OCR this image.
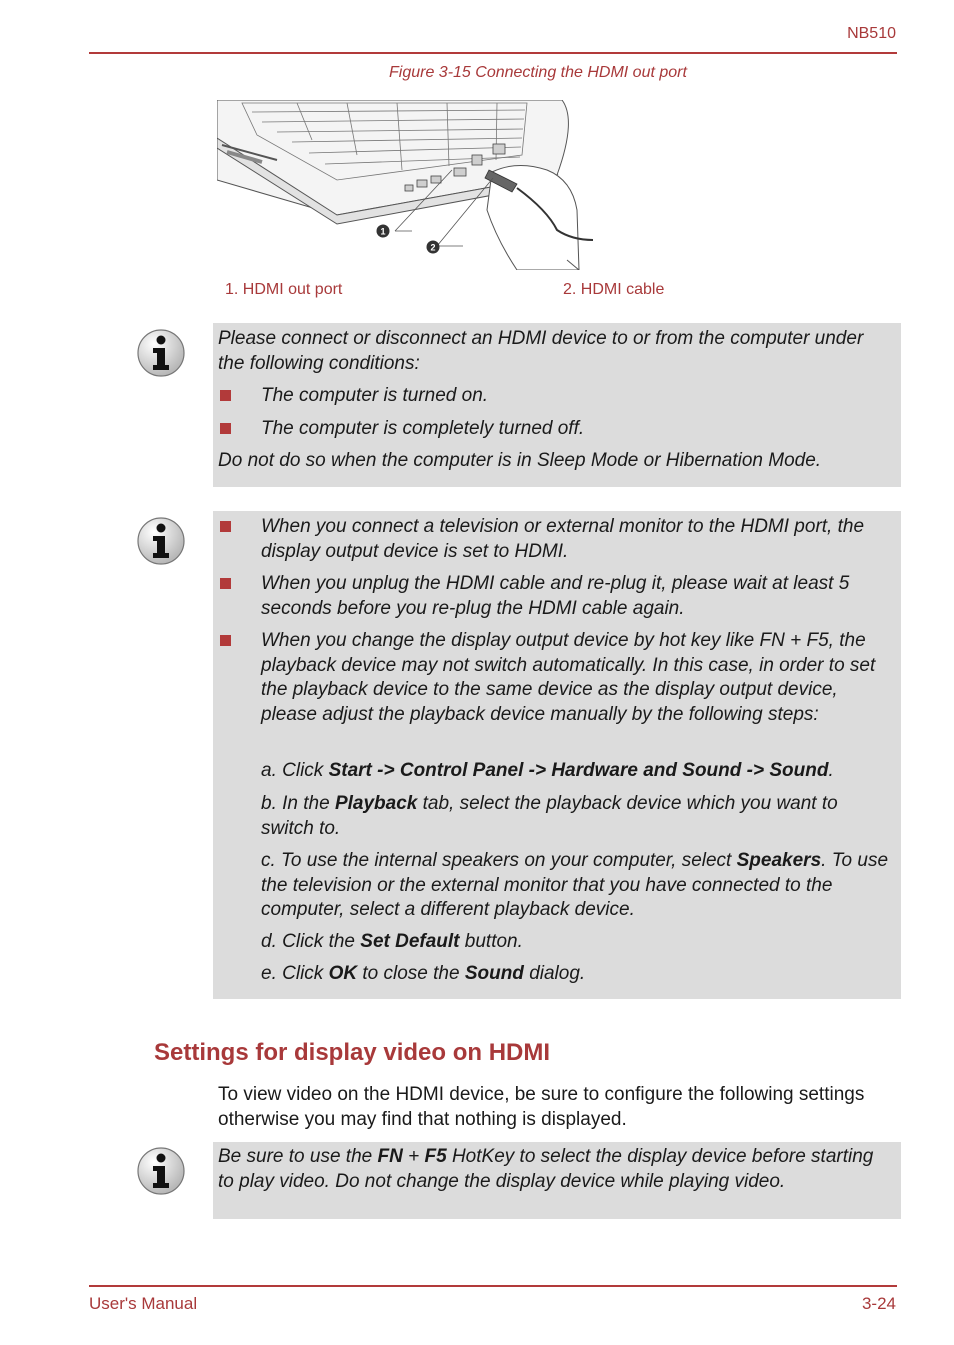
NB510
Figure 3-15 Connecting the HDMI out port
1
2
1. HDMI out port	2. HDMI cable

Please connect or disconnect an HDMI device to or from the computer under the following conditions:

The computer is turned on.
The computer is completely turned off.

Do not do so when the computer is in Sleep Mode or Hibernation Mode.

When you connect a television or external monitor to the HDMI port, the display output device is set to HDMI.
When you unplug the HDMI cable and re-plug it, please wait at least 5 seconds before you re-plug the HDMI cable again.
When you change the display output device by hot key like FN + F5, the playback device may not switch automatically. In this case, in order to set the playback device to the same device as the display output device, please adjust the playback device manually by the following steps:
a. Click Start -> Control Panel -> Hardware and Sound -> Sound.
b. In the Playback tab, select the playback device which you want to switch to.
c. To use the internal speakers on your computer, select Speakers. To use the television or the external monitor that you have connected to the computer, select a different playback device.
d. Click the Set Default button.
e. Click OK to close the Sound dialog.
Settings for display video on HDMI

To view video on the HDMI device, be sure to configure the following settings otherwise you may find that nothing is displayed.

Be sure to use the FN + F5 HotKey to select the display device before starting to play video. Do not change the display device while playing video.

User's Manual	3-24
